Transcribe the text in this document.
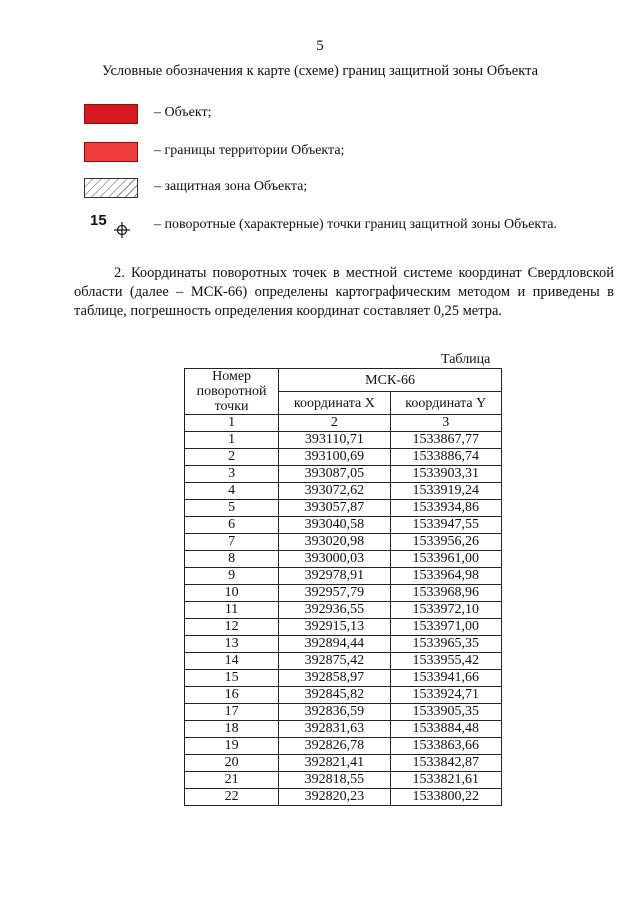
5
Условные обозначения к карте (схеме) границ защитной зоны Объекта
– Объект;
– границы территории Объекта;
– защитная зона Объекта;
15	– поворотные (характерные) точки границ защитной зоны Объекта.
2. Координаты поворотных точек в местной системе координат Свердловской области (далее – МСК-66) определены картографическим методом и приведены в таблице, погрешность определения координат составляет 0,25 метра.
Таблица
Номер поворотной точки	МСК-66	
	координата X	координата Y
1	2	3
1	393110,71	1533867,77
2	393100,69	1533886,74
3	393087,05	1533903,31
4	393072,62	1533919,24
5	393057,87	1533934,86
6	393040,58	1533947,55
7	393020,98	1533956,26
8	393000,03	1533961,00
9	392978,91	1533964,98
10	392957,79	1533968,96
11	392936,55	1533972,10
12	392915,13	1533971,00
13	392894,44	1533965,35
14	392875,42	1533955,42
15	392858,97	1533941,66
16	392845,82	1533924,71
17	392836,59	1533905,35
18	392831,63	1533884,48
19	392826,78	1533863,66
20	392821,41	1533842,87
21	392818,55	1533821,61
22	392820,23	1533800,22
